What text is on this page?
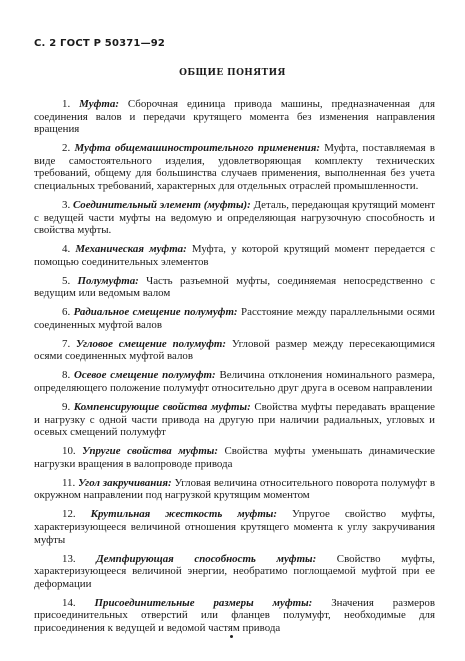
С. 2 ГОСТ Р 50371—92
ОБЩИЕ ПОНЯТИЯ

1. Муфта: Сборочная единица привода машины, предназначенная для соединения валов и передачи крутящего момента без изменения направления вращения

2. Муфта общемашиностроительного применения: Муфта, поставляемая в виде самостоятельного изделия, удовлетворяющая комплекту технических требований, общему для большинства случаев применения, выполненная без учета специальных требований, характерных для отдельных отраслей промышленности.

3. Соединительный элемент (муфты): Деталь, передающая крутящий момент с ведущей части муфты на ведомую и определяющая нагрузочную способность и свойства муфты.

4. Механическая муфта: Муфта, у которой крутящий момент передается с помощью соединительных элементов

5. Полумуфта: Часть разъемной муфты, соединяемая непосредственно с ведущим или ведомым валом

6. Радиальное смещение полумуфт: Расстояние между параллельными осями соединенных муфтой валов

7. Угловое смещение полумуфт: Угловой размер между пересекающимися осями соединенных муфтой валов

8. Осевое смещение полумуфт: Величина отклонения номинального размера, определяющего положение полумуфт относительно друг друга в осевом направлении

9. Компенсирующие свойства муфты: Свойства муфты передавать вращение и нагрузку с одной части привода на другую при наличии радиальных, угловых и осевых смещений полумуфт

10. Упругие свойства муфты: Свойства муфты уменьшать динамические нагрузки вращения в валопроводе привода

11. Угол закручивания: Угловая величина относительного поворота полумуфт в окружном направлении под нагрузкой крутящим моментом

12. Крутильная жесткость муфты: Упругое свойство муфты, характеризующееся величиной отношения крутящего момента к углу закручивания муфты

13. Демпфирующая способность муфты: Свойство муфты, характеризующееся величиной энергии, необратимо поглощаемой муфтой при ее деформации

14. Присоединительные размеры муфты: Значения размеров присоединительных отверстий или фланцев полумуфт, необходимые для присоединения к ведущей и ведомой частям привода
